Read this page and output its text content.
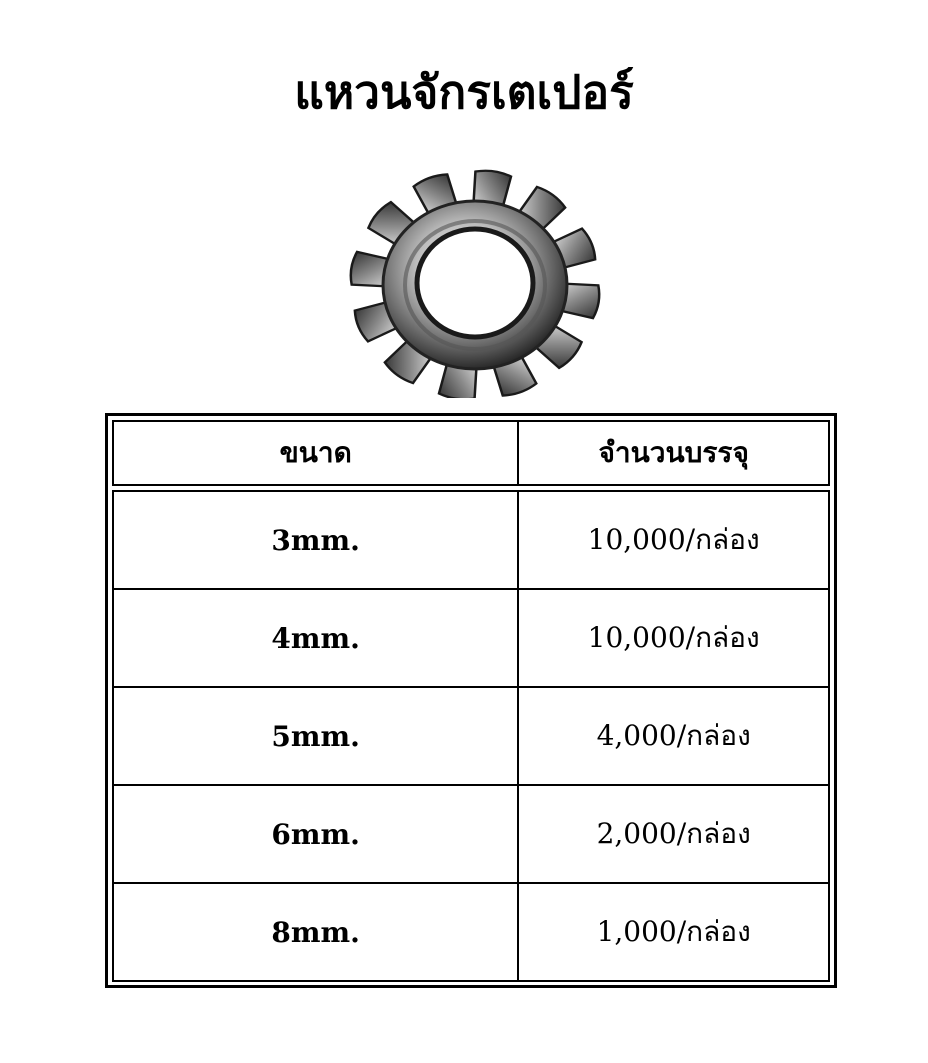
แหวนจักรเตเปอร์
ขนาด	จำนวนบรรจุ

3mm.	10,000/กล่อง
4mm.	10,000/กล่อง
5mm.	4,000/กล่อง
6mm.	2,000/กล่อง
8mm.	1,000/กล่อง
